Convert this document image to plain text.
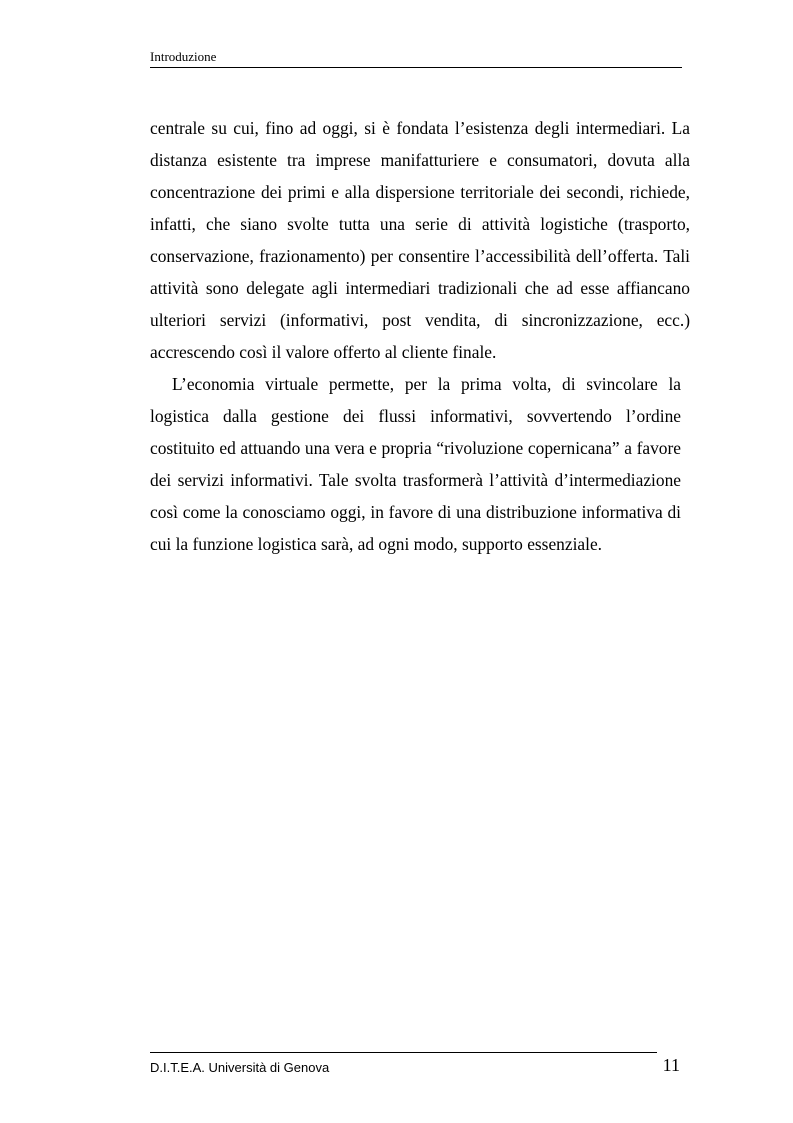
Introduzione

centrale su cui, fino ad oggi, si è fondata l’esistenza degli intermediari. La distanza esistente tra imprese manifatturiere e consumatori, dovuta alla concentrazione dei primi e alla dispersione territoriale dei secondi, richiede, infatti, che siano svolte tutta una serie di attività logistiche (trasporto, conservazione, frazionamento) per consentire l’accessibilità dell’offerta. Tali attività sono delegate agli intermediari tradizionali che ad esse affiancano ulteriori servizi (informativi, post vendita, di sincronizzazione, ecc.) accrescendo così il valore offerto al cliente finale.

L’economia virtuale permette, per la prima volta, di svincolare la logistica dalla gestione dei flussi informativi, sovvertendo l’ordine costituito ed attuando una vera e propria “rivoluzione copernicana” a favore dei servizi informativi. Tale svolta trasformerà l’attività d’intermediazione così come la conosciamo oggi, in favore di una distribuzione informativa di cui la funzione logistica sarà, ad ogni modo, supporto essenziale.

D.I.T.E.A. Università di Genova	11
